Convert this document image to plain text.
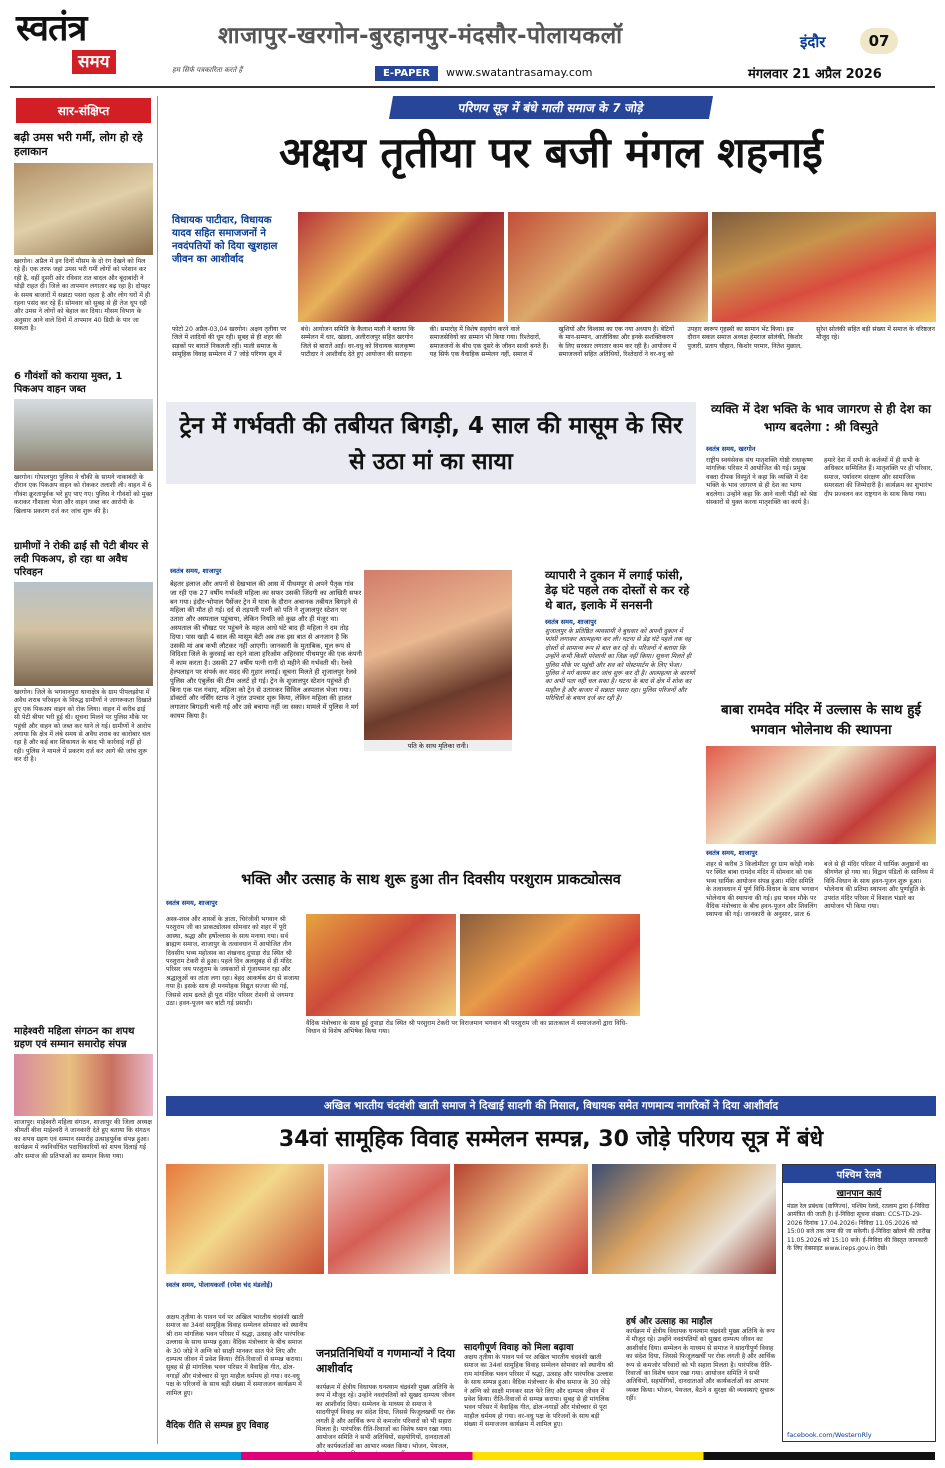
स्वतंत्र
समय	हम सिर्फ पत्रकारिता करते हैं
शाजापुर-खरगोन-बुरहानपुर-मंदसौर-पोलायकलॉ
E-PAPER	www.swatantrasamay.com
इंदौर	07
मंगलवार 21 अप्रैल 2026
सार-संक्षिप्त
बढ़ी उमस भरी गर्मी, लोग हो रहे हलाकान
खरगोन। अप्रैल में इन दिनों मौसम के दो रंग देखने को मिल रहे हैं। एक तरफ जहां उमस भरी गर्मी लोगों को परेशान कर रही है, वहीं दूसरी ओर रविवार रात बादल और बूंदाबांदी ने थोड़ी राहत दी। जिले का तापमान लगातार बढ़ रहा है। दोपहर के समय बाजारों में सन्नाटा पसरा रहता है और लोग घरों में ही रहना पसंद कर रहे हैं। सोमवार को सुबह से ही तेज धूप रही और उमस ने लोगों को बेहाल कर दिया। मौसम विभाग के अनुसार आने वाले दिनों में तापमान 40 डिग्री के पार जा सकता है।
6 गौवंशों को कराया मुक्त, 1 पिकअप वाहन जब्त
खरगोन। गोपालपुरा पुलिस ने चौकी के सामने नाकाबंदी के दौरान एक पिकअप वाहन को रोककर तलाशी ली। वाहन में 6 गौवंश क्रूरतापूर्वक भरे हुए पाए गए। पुलिस ने गौवंशों को मुक्त कराकर गौशाला भेजा और वाहन जब्त कर आरोपी के खिलाफ प्रकरण दर्ज कर जांच शुरू की है।
ग्रामीणों ने रोकी ढाई सौ पेटी बीयर से लदी पिकअप, हो रहा था अवैध परिवहन
खरगोन। जिले के भगवानपुरा थानाक्षेत्र के ग्राम पीपलझोपा में अवैध शराब परिवहन के विरुद्ध ग्रामीणों ने जागरूकता दिखाते हुए एक पिकअप वाहन को रोक लिया। वाहन में करीब ढाई सौ पेटी बीयर भरी हुई थी। सूचना मिलने पर पुलिस मौके पर पहुंची और वाहन को जब्त कर थाने ले गई। ग्रामीणों ने आरोप लगाया कि क्षेत्र में लंबे समय से अवैध शराब का कारोबार चल रहा है और कई बार शिकायत के बाद भी कार्रवाई नहीं हो रही। पुलिस ने मामले में प्रकरण दर्ज कर आगे की जांच शुरू कर दी है।
माहेश्वरी महिला संगठन का शपथ ग्रहण एवं सम्मान समारोह संपन्न
शाजापुर। माहेश्वरी महिला संगठन, शाजापुर की जिला अध्यक्ष श्रीमती बीना माहेश्वरी ने जानकारी देते हुए बताया कि संगठन का शपथ ग्रहण एवं सम्मान समारोह उत्साहपूर्वक संपन्न हुआ। कार्यक्रम में नवनिर्वाचित पदाधिकारियों को शपथ दिलाई गई और समाज की प्रतिभाओं का सम्मान किया गया।
परिणय सूत्र में बंधे माली समाज के 7 जोड़े
अक्षय तृतीया पर बजी मंगल शहनाई
विधायक पाटीदार, विधायक यादव सहित समाजजनों ने नवदंपतियों को दिया खुशहाल जीवन का आशीर्वाद
फोटो 20 अप्रैल-03,04 खरगोन। अक्षय तृतीया पर जिले में शादियों की धूम रही। सुबह से ही शहर की सड़कों पर बारातें निकलती रहीं। माली समाज के सामूहिक विवाह सम्मेलन में 7 जोड़े परिणय सूत्र में बंधे। आयोजन समिति के कैलाश माली ने बताया कि सम्मेलन में धार, खंडवा, अलीराजपुर सहित खरगोन जिले से बारातें आईं। वर-वधु को विधायक बालकृष्ण पाटीदार ने आशीर्वाद देते हुए आयोजन की सराहना की। समारोह में विशेष सहयोग करने वाले समाजसेवियों का सम्मान भी किया गया। रिश्तेदारों, समाजजनों के बीच एक दूसरे के जीवन साथी बनते हैं। यह सिर्फ एक वैवाहिक सम्मेलन नहीं, समाज में खुशियों और विश्वास का एक नया अध्याय है। बेटियों के मान-सम्मान, आजीविका और इनके सशक्तिकरण के लिए सरकार लगातार काम कर रही है। आयोजन में समाजजनों सहित अतिथियों, रिश्तेदारों ने वर-वधु को उपहार स्वरूप गृहस्थी का सामान भेंट किया। इस दौरान सकल समाज अध्यक्ष हेमराज सोलंकी, किशोर पुजारी, प्रताप चौहान, किशोर परमार, नितेश मुछाल, सुरेश सोलंकी सहित बड़ी संख्या में समाज के वरिष्ठजन मौजूद रहे।
ट्रेन में गर्भवती की तबीयत बिगड़ी, 4 साल की मासूम के सिर से उठा मां का साया
स्वतंत्र समय, शाजापुर
बेहतर इलाज और अपनों से देखभाल की आस में पीथमपुर से अपने पैतृक गांव जा रही एक 27 वर्षीय गर्भवती महिला का सफर उसकी जिंदगी का आखिरी सफर बन गया। इंदौर-भोपाल पैसेंजर ट्रेन में यात्रा के दौरान अचानक तबीयत बिगड़ने से महिला की मौत हो गई। दर्द से तड़पती पत्नी को पति ने शुजालपुर स्टेशन पर उतारा और अस्पताल पहुंचाया, लेकिन नियति को कुछ और ही मंजूर था। अस्पताल की चौखट पर पहुंचने के महज आधे घंटे बाद ही महिला ने दम तोड़ दिया। पास खड़ी 4 साल की मासूम बेटी अब तक इस बात से अनजान है कि उसकी मां अब कभी लौटकर नहीं आएगी। जानकारी के मुताबिक, मूल रूप से विदिशा जिले के कुरवाई का रहने वाला हरिओम अहिरवार पीथमपुर की एक कंपनी में काम करता है। उसकी 27 वर्षीय पत्नी रानी दो महीने की गर्भवती थी। रेलवे हेल्पलाइन पर संपर्क कर मदद की गुहार लगाई। सूचना मिलते ही शुजालपुर रेलवे पुलिस और एंबुलेंस की टीम अलर्ट हो गई। ट्रेन के शुजालपुर स्टेशन पहुंचते ही बिना एक पल गंवाए, महिला को ट्रेन से उतारकर सिविल अस्पताल भेजा गया। डॉक्टरों और नर्सिंग स्टाफ ने तुरंत उपचार शुरू किया, लेकिन महिला की हालत लगातार बिगड़ती चली गई और उसे बचाया नहीं जा सका। मामले में पुलिस ने मर्ग कायम किया है।
पति के साथ मृतिका रानी।
व्यापारी ने दुकान में लगाई फांसी, डेढ़ घंटे पहले तक दोस्तों से कर रहे थे बात, इलाके में सनसनी
स्वतंत्र समय, शाजापुर
शुजालपुर के प्रतिष्ठित व्यवसायी ने बुधवार को अपनी दुकान में फांसी लगाकर आत्महत्या कर ली। घटना से डेढ़ घंटे पहले तक वह दोस्तों से सामान्य रूप से बात कर रहे थे। परिजनों ने बताया कि उन्होंने कभी किसी परेशानी का जिक्र नहीं किया। सूचना मिलते ही पुलिस मौके पर पहुंची और शव को पोस्टमार्टम के लिए भेजा। पुलिस ने मर्ग कायम कर जांच शुरू कर दी है। आत्महत्या के कारणों का अभी पता नहीं चल सका है। घटना के बाद से क्षेत्र में शोक का माहौल है और बाजार में सन्नाटा पसरा रहा। पुलिस परिजनों और परिचितों के बयान दर्ज कर रही है।
व्यक्ति में देश भक्ति के भाव जागरण से ही देश का भाग्य बदलेगा : श्री विस्पुते
स्वतंत्र समय, खरगोन
राष्ट्रीय स्वयंसेवक संघ मातृशक्ति गोष्ठी राधाकृष्ण मांगलिक परिसर में आयोजित की गई। प्रमुख वक्ता दीपक विस्पुते ने कहा कि व्यक्ति में देश भक्ति के भाव जागरण से ही देश का भाग्य बदलेगा। उन्होंने कहा कि आने वाली पीढ़ी को श्रेष्ठ संस्कारों से युक्त करना मातृशक्ति का कार्य है। हमारे देश में सभी के कर्तव्यों में ही सभी के अधिकार सम्मिलित हैं। मातृशक्ति पर ही परिवार, समाज, पर्यावरण संरक्षण और सामाजिक समरसता की जिम्मेदारी है। कार्यक्रम का शुभारंभ दीप प्रज्वलन कर राष्ट्रगान के साथ किया गया।
बाबा रामदेव मंदिर में उल्लास के साथ हुई भगवान भोलेनाथ की स्थापना
स्वतंत्र समय, शाजापुर
शहर से करीब 3 किलोमीटर दूर ग्राम करेड़ी नाके पर स्थित बाबा रामदेव मंदिर में सोमवार को एक भव्य धार्मिक आयोजन संपन्न हुआ। मंदिर समिति के तत्वावधान में पूर्ण विधि-विधान के साथ भगवान भोलेनाथ की स्थापना की गई। इस पावन मौके पर वैदिक मंत्रोच्चार के बीच हवन-पूजन और शिवलिंग स्थापना की गई। जानकारी के अनुसार, प्रातः 6 बजे से ही मंदिर परिसर में धार्मिक अनुष्ठानों का श्रीगणेश हो गया था। विद्वान पंडितों के सानिध्य में विधि-विधान के साथ हवन-पूजन शुरू हुआ। भोलेनाथ की प्रतिमा स्थापना और पूर्णाहुति के उपरांत मंदिर परिसर में विशाल भंडारे का आयोजन भी किया गया।
भक्ति और उत्साह के साथ शुरू हुआ तीन दिवसीय परशुराम प्राकट्योत्सव
स्वतंत्र समय, शाजापुर
अस्त्र-शस्त्र और शास्त्रों के ज्ञाता, चिरंजीवी भगवान श्री परशुराम जी का प्राकट्योत्सव सोमवार को शहर में पूरी आस्था, श्रद्धा और हर्षोल्लास के साथ मनाया गया। सर्व ब्राह्मण समाज, शाजापुर के तत्वावधान में आयोजित तीन दिवसीय भव्य महोत्सव का शंखनाद दुपाड़ा रोड स्थित श्री परशुराम टेकरी से हुआ। पहले दिन अलसुबह से ही मंदिर परिसर जय परशुराम के जयकारों से गूंजायमान रहा और श्रद्धालुओं का तांता लगा रहा। बेहद आकर्षक ढंग से सजाया गया है। इसके साथ ही मनमोहक विद्युत सज्जा की गई, जिससे शाम ढलते ही पूरा मंदिर परिसर रोशनी से जगमगा उठा। हवन-पूजन कर बांटी गई प्रसादी।
वैदिक मंत्रोच्चार के साथ हुई दुपाड़ा रोड स्थित श्री परशुराम टेकरी पर विराजमान भगवान श्री परशुराम जी का प्रातःकाल में समाजजनों द्वारा विधि-विधान से विशेष अभिषेक किया गया।
अखिल भारतीय चंदवंशी खाती समाज ने दिखाई सादगी की मिसाल, विधायक समेत गणमान्य नागरिकों ने दिया आशीर्वाद
34वां सामूहिक विवाह सम्मेलन सम्पन्न, 30 जोड़े परिणय सूत्र में बंधे
पश्चिम रेलवे
खानपान कार्य
मंडल रेल प्रबंधक (वाणिज्य), पश्चिम रेलवे, रतलाम द्वारा ई-निविदा आमंत्रित की जाती है। ई-निविदा सूचना संख्या: CCS-TD-29-2026 दिनांक 17.04.2026। निविदा 11.05.2026 को 15:00 बजे तक जमा की जा सकेगी। ई-निविदा खोलने की तारीख 11.05.2026 को 15:10 बजे। ई-निविदा की विस्तृत जानकारी के लिए वेबसाइट www.ireps.gov.in देखें।
facebook.com/WesternRly
स्वतंत्र समय, पोलायकलॉ (रमेश चंद मंडलोई)
अक्षय तृतीया के पावन पर्व पर अखिल भारतीय चंदवंशी खाती समाज का 34वां सामूहिक विवाह सम्मेलन सोमवार को स्थानीय श्री राम मांगलिक भवन परिसर में श्रद्धा, उत्साह और पारंपरिक उल्लास के साथ सम्पन्न हुआ। वैदिक मंत्रोच्चार के बीच समाज के 30 जोड़े ने अग्नि को साक्षी मानकर सात फेरे लिए और दाम्पत्य जीवन में प्रवेश किया। रीति-रिवाजों से सम्पन्न कराया। सुबह से ही मांगलिक भवन परिसर में वैवाहिक गीत, ढोल-नगाड़ों और मंत्रोच्चार से पूरा माहौल धर्ममय हो गया। वर-वधु पक्ष के परिजनों के साथ बड़ी संख्या में समाजजन कार्यक्रम में शामिल हुए।
वैदिक रीति से सम्पन्न हुए विवाह
जनप्रतिनिधियों व गणमान्यों ने दिया आशीर्वाद
कार्यक्रम में क्षेत्रीय विधायक घनश्याम चंद्रवंशी मुख्य अतिथि के रूप में मौजूद रहे। उन्होंने नवदंपतियों को सुखद दाम्पत्य जीवन का आशीर्वाद दिया। सम्मेलन के माध्यम से समाज ने सादगीपूर्ण विवाह का संदेश दिया, जिससे फिजूलखर्ची पर रोक लगती है और आर्थिक रूप से कमजोर परिवारों को भी सहारा मिलता है। पारंपरिक रीति-रिवाजों का विशेष ध्यान रखा गया। आयोजन समिति ने सभी अतिथियों, सहयोगियों, दानदाताओं और कार्यकर्ताओं का आभार व्यक्त किया। भोजन, पेयजल,
सादगीपूर्ण विवाह को मिला बढ़ावा
अक्षय तृतीया के पावन पर्व पर अखिल भारतीय चंदवंशी खाती समाज का 34वां सामूहिक विवाह सम्मेलन सोमवार को स्थानीय श्री राम मांगलिक भवन परिसर में श्रद्धा, उत्साह और पारंपरिक उल्लास के साथ सम्पन्न हुआ। वैदिक मंत्रोच्चार के बीच समाज के 30 जोड़े ने अग्नि को साक्षी मानकर सात फेरे लिए और दाम्पत्य जीवन में प्रवेश किया। रीति-रिवाजों से सम्पन्न कराया। सुबह से ही मांगलिक भवन परिसर में वैवाहिक गीत, ढोल-नगाड़ों और मंत्रोच्चार से पूरा माहौल धर्ममय हो गया। वर-वधु पक्ष के परिजनों के साथ बड़ी संख्या में समाजजन कार्यक्रम में शामिल हुए।
हर्ष और उत्साह का माहौल
कार्यक्रम में क्षेत्रीय विधायक घनश्याम चंद्रवंशी मुख्य अतिथि के रूप में मौजूद रहे। उन्होंने नवदंपतियों को सुखद दाम्पत्य जीवन का आशीर्वाद दिया। सम्मेलन के माध्यम से समाज ने सादगीपूर्ण विवाह का संदेश दिया, जिससे फिजूलखर्ची पर रोक लगती है और आर्थिक रूप से कमजोर परिवारों को भी सहारा मिलता है। पारंपरिक रीति-रिवाजों का विशेष ध्यान रखा गया। आयोजन समिति ने सभी अतिथियों, सहयोगियों, दानदाताओं और कार्यकर्ताओं का आभार व्यक्त किया। भोजन, पेयजल, बैठने व सुरक्षा की व्यवस्थाएं सुचारू रहीं।
